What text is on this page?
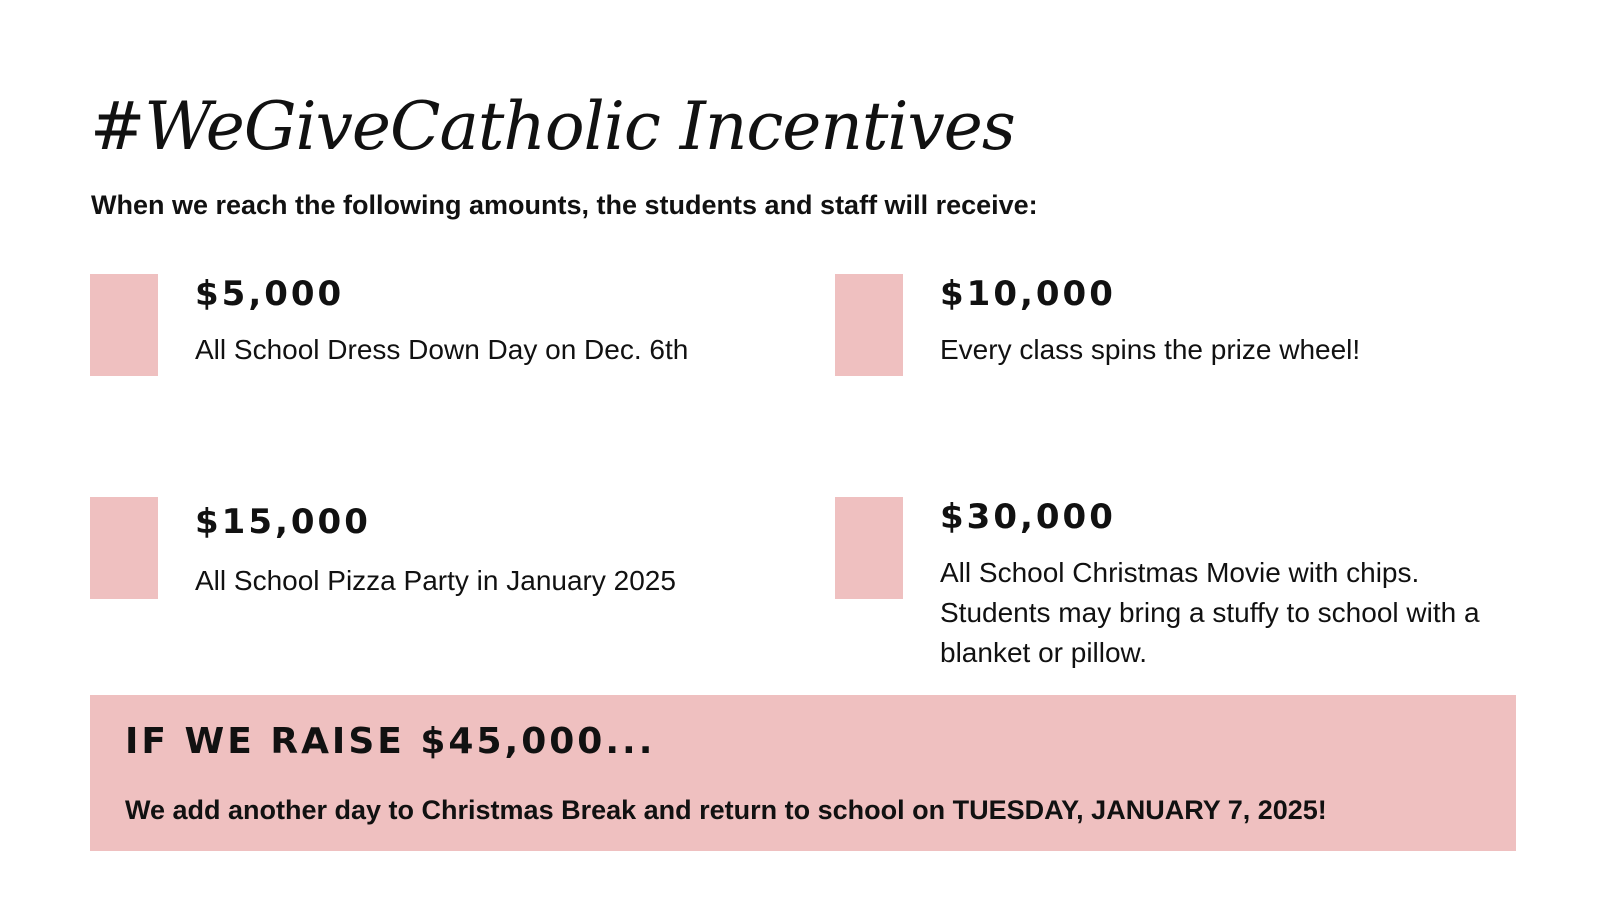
#WeGiveCatholic Incentives
When we reach the following amounts, the students and staff will receive:
$5,000
All School Dress Down Day on Dec. 6th
$10,000
Every class spins the prize wheel!
$15,000
All School Pizza Party in January 2025
$30,000
All School Christmas Movie with chips. Students may bring a stuffy to school with a blanket or pillow.
IF WE RAISE $45,000...
We add another day to Christmas Break and return to school on TUESDAY, JANUARY 7, 2025!
